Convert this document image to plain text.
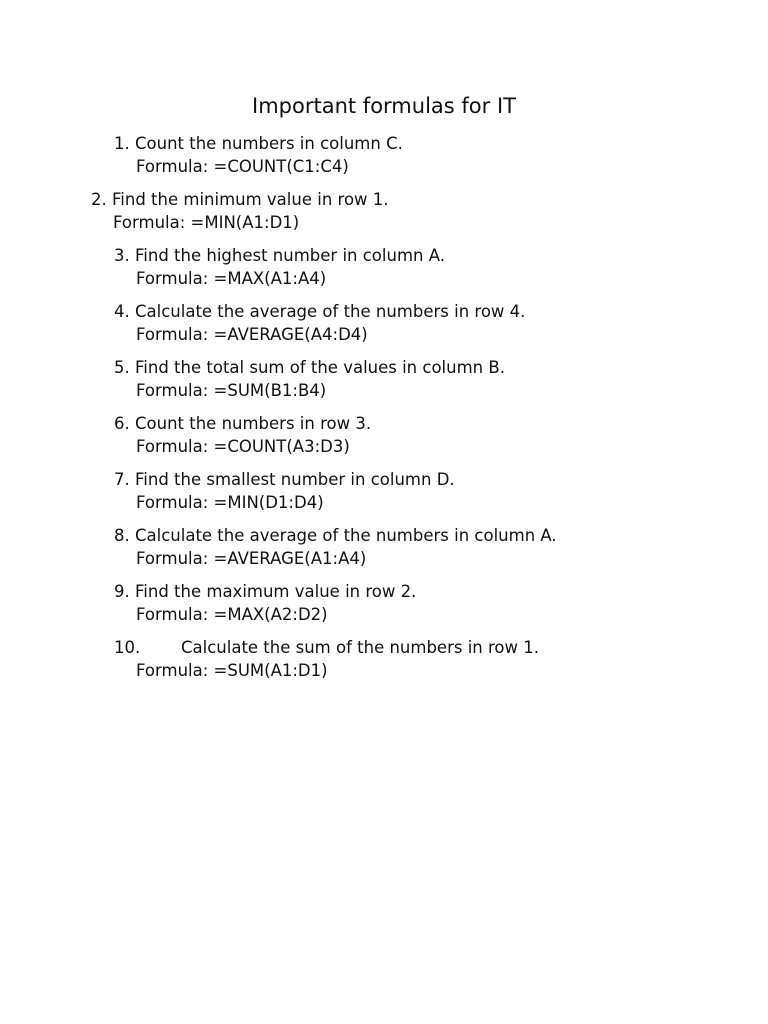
Important formulas for IT
1. Count the numbers in column C.
Formula: =COUNT(C1:C4)
2. Find the minimum value in row 1.
Formula: =MIN(A1:D1)
3. Find the highest number in column A.
Formula: =MAX(A1:A4)
4. Calculate the average of the numbers in row 4.
Formula: =AVERAGE(A4:D4)
5. Find the total sum of the values in column B.
Formula: =SUM(B1:B4)
6. Count the numbers in row 3.
Formula: =COUNT(A3:D3)
7. Find the smallest number in column D.
Formula: =MIN(D1:D4)
8. Calculate the average of the numbers in column A.
Formula: =AVERAGE(A1:A4)
9. Find the maximum value in row 2.
Formula: =MAX(A2:D2)
10. Calculate the sum of the numbers in row 1.
Formula: =SUM(A1:D1)
